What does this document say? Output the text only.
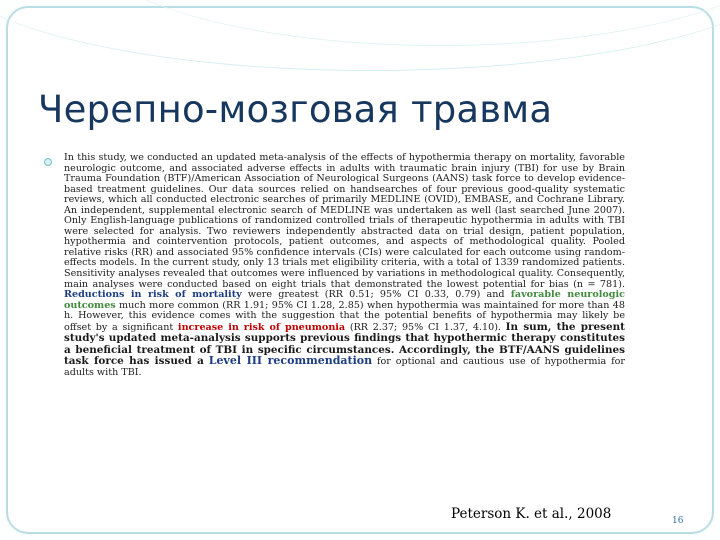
Черепно-мозговая травма

In this study, we conducted an updated meta-analysis of the effects of hypothermia therapy on mortality, favorable neurologic outcome, and associated adverse effects in adults with traumatic brain injury (TBI) for use by Brain Trauma Foundation (BTF)/American Association of Neurological Surgeons (AANS) task force to develop evidence-based treatment guidelines. Our data sources relied on handsearches of four previous good-quality systematic reviews, which all conducted electronic searches of primarily MEDLINE (OVID), EMBASE, and Cochrane Library. An independent, supplemental electronic search of MEDLINE was undertaken as well (last searched June 2007). Only English-language publications of randomized controlled trials of therapeutic hypothermia in adults with TBI were selected for analysis. Two reviewers independently abstracted data on trial design, patient population, hypothermia and cointervention protocols, patient outcomes, and aspects of methodological quality. Pooled relative risks (RR) and associated 95% confidence intervals (CIs) were calculated for each outcome using random-effects models. In the current study, only 13 trials met eligibility criteria, with a total of 1339 randomized patients. Sensitivity analyses revealed that outcomes were influenced by variations in methodological quality. Consequently, main analyses were conducted based on eight trials that demonstrated the lowest potential for bias (n = 781). Reductions in risk of mortality were greatest (RR 0.51; 95% CI 0.33, 0.79) and favorable neurologic outcomes much more common (RR 1.91; 95% CI 1.28, 2.85) when hypothermia was maintained for more than 48 h. However, this evidence comes with the suggestion that the potential benefits of hypothermia may likely be offset by a significant increase in risk of pneumonia (RR 2.37; 95% CI 1.37, 4.10). In sum, the present study's updated meta-analysis supports previous findings that hypothermic therapy constitutes a beneficial treatment of TBI in specific circumstances. Accordingly, the BTF/AANS guidelines task force has issued a Level III recommendation for optional and cautious use of hypothermia for adults with TBI.

Peterson K. et al., 2008	16
